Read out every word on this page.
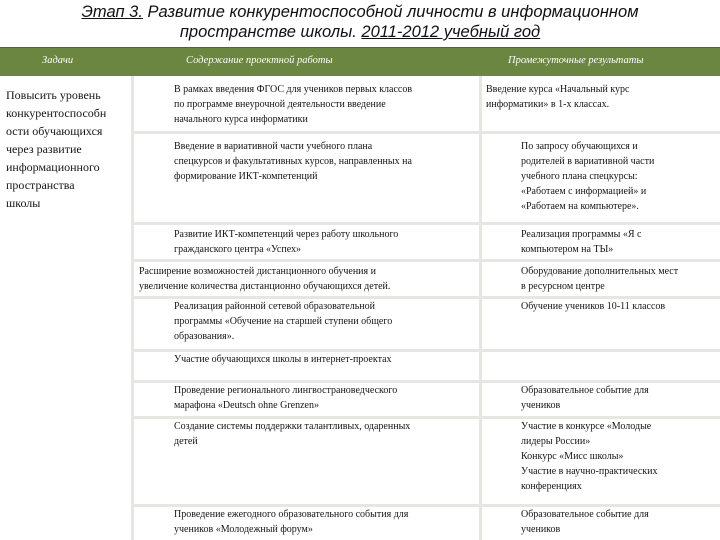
Этап 3. Развитие конкурентоспособной личности в информационном
пространстве школы. 2011-2012 учебный год
Задачи	Содержание проектной работы	Промежуточные результаты
Повысить уровень
конкурентоспособн
ости обучающихся
через развитие
информационного
пространства
школы
В рамках введения ФГОС для учеников первых классов
по программе внеурочной деятельности введение
начального курса информатики
Введение курса «Начальный курс
информатики» в 1-х классах.
Введение в вариативной части учебного плана
спецкурсов и факультативных курсов, направленных на
формирование ИКТ-компетенций
По запросу обучающихся и
родителей в вариативной части
учебного плана спецкурсы:
«Работаем с информацией» и
«Работаем на компьютере».
Развитие ИКТ-компетенций через работу школьного
гражданского центра «Успех»
Реализация программы «Я с
компьютером на ТЫ»
Расширение возможностей дистанционного обучения и
увеличение количества дистанционно обучающихся детей.
Оборудование дополнительных мест
в ресурсном центре
Реализация районной сетевой образовательной
программы «Обучение на старшей ступени общего
образования».
Обучение учеников 10-11 классов
Участие обучающихся школы в интернет-проектах
Проведение регионального лингвострановедческого
марафона «Deutsch ohne Grenzen»
Образовательное событие для
учеников
Создание системы поддержки талантливых, одаренных
детей
Участие в конкурсе «Молодые
лидеры России»
Конкурс «Мисс школы»
Участие в научно-практических
конференциях
Проведение ежегодного образовательного события для
учеников «Молодежный форум»
Образовательное событие для
учеников
